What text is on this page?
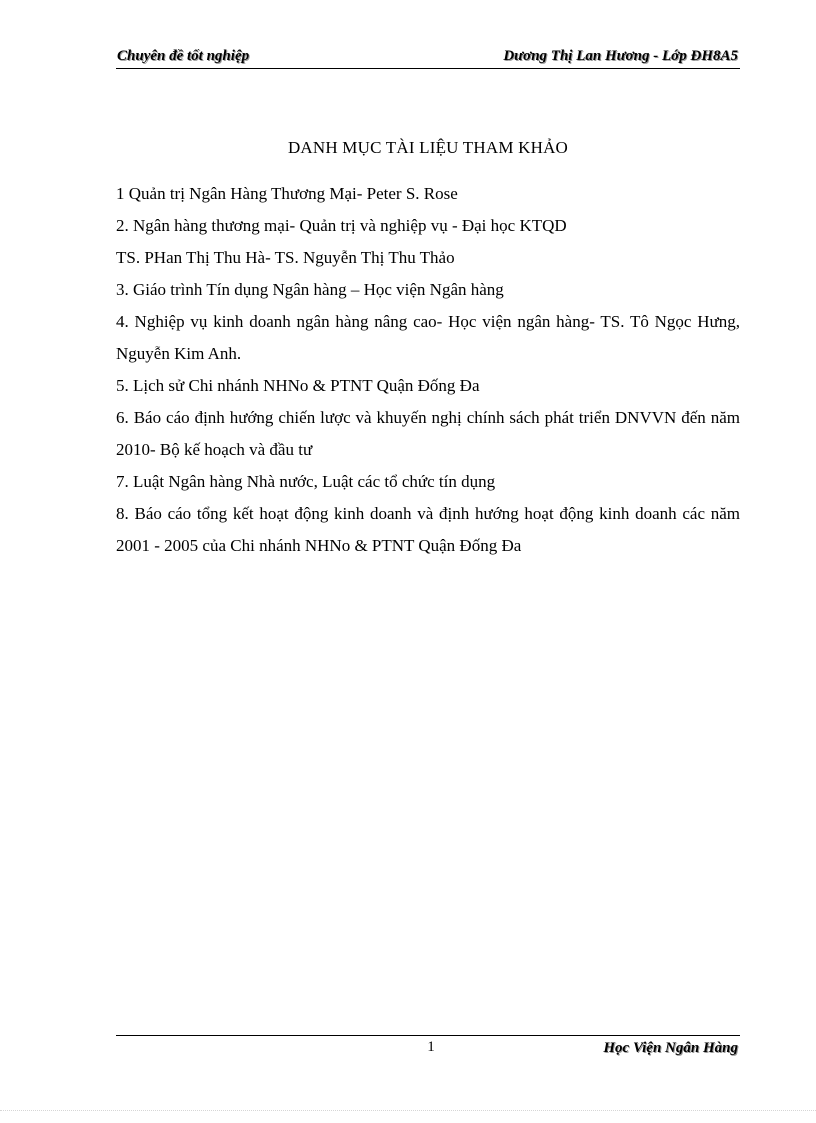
Chuyên đề tốt nghiệp	Dương Thị Lan Hương - Lớp ĐH8A5
DANH MỤC TÀI LIỆU THAM KHẢO
1 Quản trị Ngân Hàng Thương Mại- Peter S. Rose
2. Ngân hàng thương mại- Quản trị và nghiệp vụ - Đại học KTQD
TS. PHan Thị Thu Hà- TS. Nguyễn Thị Thu Thảo
3. Giáo trình Tín dụng Ngân hàng – Học viện Ngân hàng
4. Nghiệp vụ kinh doanh ngân hàng nâng cao- Học viện ngân hàng- TS. Tô Ngọc Hưng, Nguyễn Kim Anh.
5. Lịch sử Chi nhánh NHNo & PTNT Quận Đống Đa
6. Báo cáo định hướng chiến lược và khuyến nghị chính sách phát triển DNVVN đến năm 2010- Bộ kế hoạch và đầu tư
7. Luật Ngân hàng Nhà nước, Luật các tổ chức tín dụng
8. Báo cáo tổng kết hoạt động kinh doanh và định hướng hoạt động kinh doanh các năm 2001 - 2005 của Chi nhánh NHNo & PTNT Quận Đống Đa
1	Học Viện Ngân Hàng
